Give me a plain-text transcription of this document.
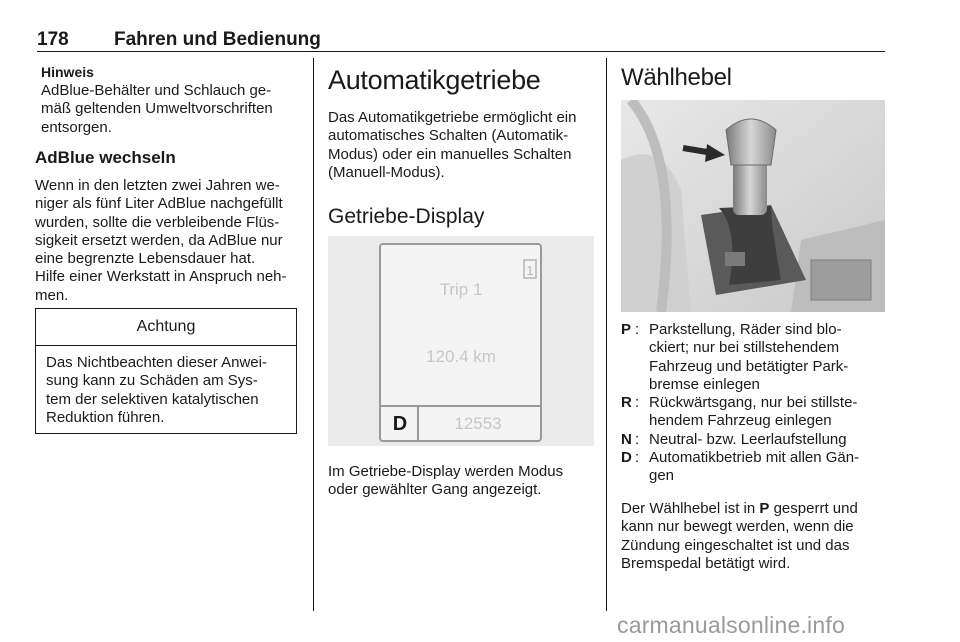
178 Fahren und Bedienung
Hinweis
AdBlue-Behälter und Schlauch ge-
mäß geltenden Umweltvorschriften
entsorgen.
AdBlue wechseln
Wenn in den letzten zwei Jahren we-
niger als fünf Liter AdBlue nachgefüllt
wurden, sollte die verbleibende Flüs-
sigkeit ersetzt werden, da AdBlue nur
eine begrenzte Lebensdauer hat.
Hilfe einer Werkstatt in Anspruch neh-
men.
Achtung
Das Nichtbeachten dieser Anwei-
sung kann zu Schäden am Sys-
tem der selektiven katalytischen
Reduktion führen.
Automatikgetriebe
Das Automatikgetriebe ermöglicht ein
automatisches Schalten (Automatik-
Modus) oder ein manuelles Schalten
(Manuell-Modus).
Getriebe-Display
1
Trip 1
120.4 km
D	12553
Im Getriebe-Display werden Modus
oder gewählter Gang angezeigt.
Wählhebel
P : Parkstellung, Räder sind blo-
ckiert; nur bei stillstehendem
Fahrzeug und betätigter Park-
bremse einlegen
R : Rückwärtsgang, nur bei stillste-
hendem Fahrzeug einlegen
N : Neutral- bzw. Leerlaufstellung
D : Automatikbetrieb mit allen Gän-
gen
Der Wählhebel ist in P gesperrt und
kann nur bewegt werden, wenn die
Zündung eingeschaltet ist und das
Bremspedal betätigt wird.
carmanualsonline.info
